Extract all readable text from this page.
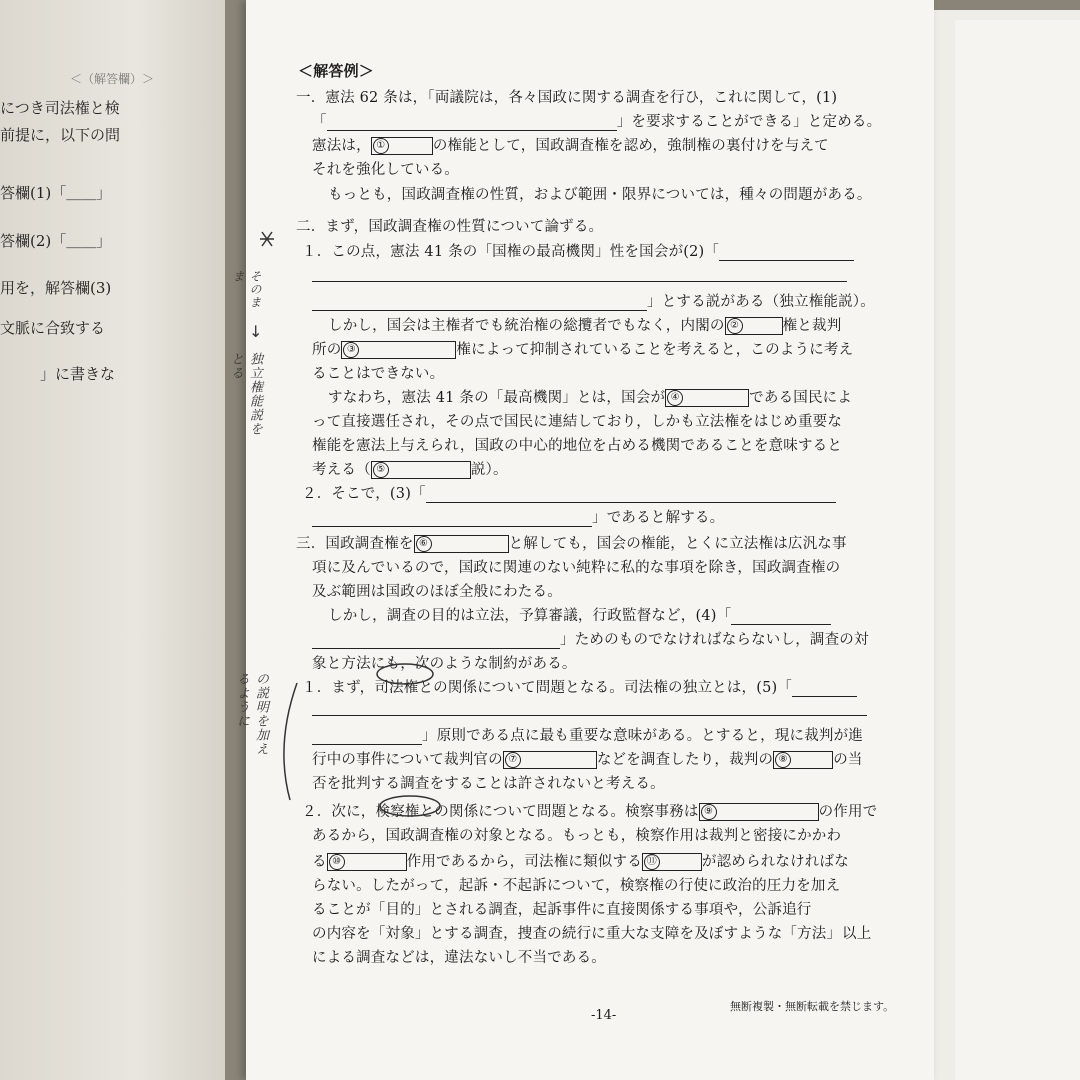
＜（解答欄）＞
につき司法権と検
前提に，以下の問
答欄(1)「＿＿」
答欄(2)「＿＿」
用を，解答欄(3)
文脈に合致する
」に書きな
＜解答例＞
一．憲法 62 条は，「両議院は，各々国政に関する調査を行ひ，これに関して，(1)
「	」を要求することができる」と定める。
憲法は， ①	の権能として，国政調査権を認め，強制権の裏付けを与えて
それを強化している。
もっとも，国政調査権の性質，および範囲・限界については，種々の問題がある。
二．まず，国政調査権の性質について論ずる。
１．この点，憲法 41 条の「国権の最高機関」性を国会が(2)「
」とする説がある（独立権能説）。
しかし，国会は主権者でも統治権の総攬者でもなく，内閣の ②	権と裁判
所の ③	権によって抑制されていることを考えると，このように考え
ることはできない。
すなわち，憲法 41 条の「最高機関」とは，国会が ④	である国民によ
って直接選任され，その点で国民に連結しており，しかも立法権をはじめ重要な
権能を憲法上与えられ，国政の中心的地位を占める機関であることを意味すると
考える（ ⑤	説）。
２．そこで，(3)「
」であると解する。
三．国政調査権を ⑥	と解しても，国会の権能，とくに立法権は広汎な事
項に及んでいるので，国政に関連のない純粋に私的な事項を除き，国政調査権の
及ぶ範囲は国政のほぼ全般にわたる。
しかし，調査の目的は立法，予算審議，行政監督など，(4)「
」ためのものでなければならないし，調査の対
象と方法にも，次のような制約がある。
１．まず，司法権との関係について問題となる。司法権の独立とは，(5)「
」原則である点に最も重要な意味がある。とすると，現に裁判が進
行中の事件について裁判官の ⑦	などを調査したり，裁判の ⑧	の当
否を批判する調査をすることは許されないと考える。
２．次に，検察権との関係について問題となる。検察事務は ⑨	の作用で
あるから，国政調査権の対象となる。もっとも，検察作用は裁判と密接にかかわ
る ⑩	作用であるから，司法権に類似する ⑪	が認められなければな
らない。したがって，起訴・不起訴について，検察権の行使に政治的圧力を加え
ることが「目的」とされる調査，起訴事件に直接関係する事項や，公訴追行
の内容を「対象」とする調査，捜査の続行に重大な支障を及ぼすような「方法」 以上
による調査などは，違法ないし不当である。
-14-
無断複製・無断転載を禁じます。
そのまま
↓
独立権能説をとる
の説明を加えるように
